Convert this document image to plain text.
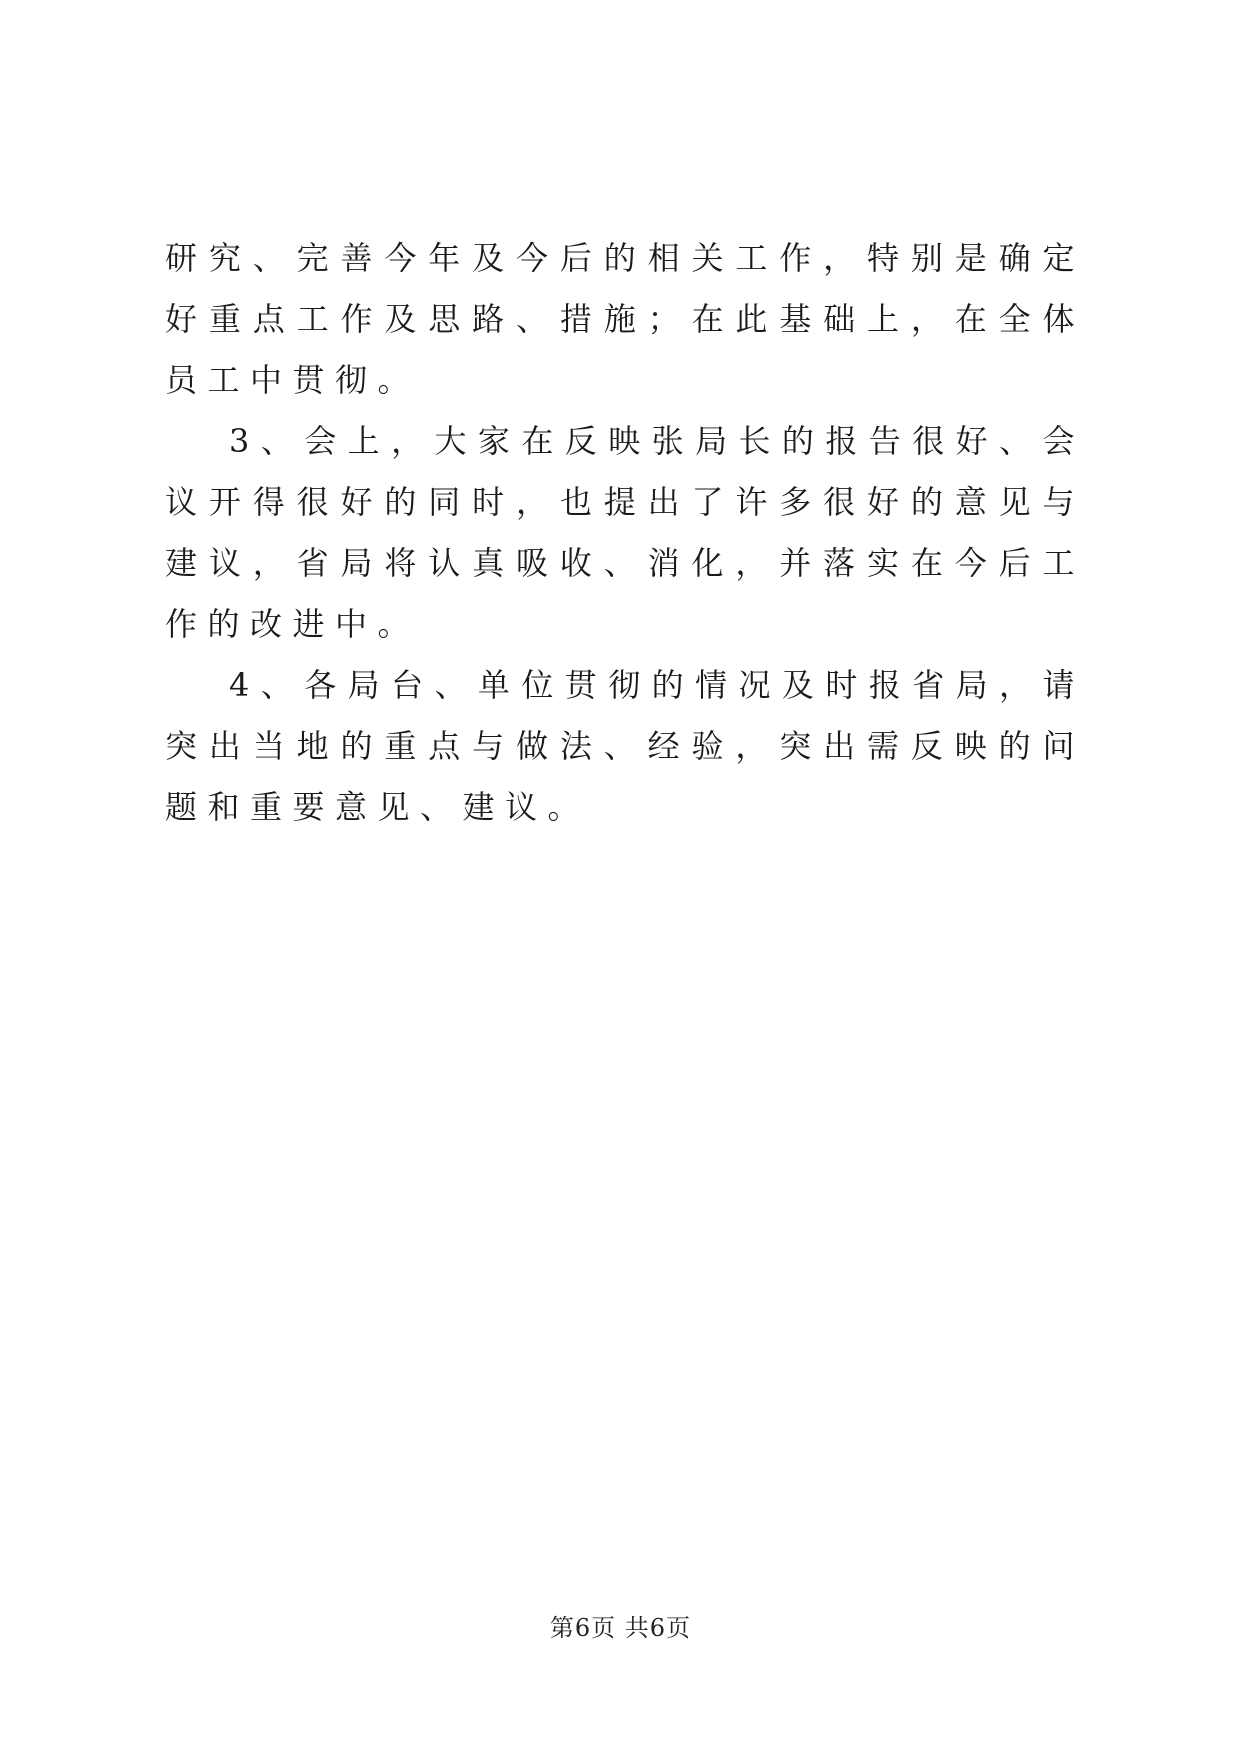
研究、完善今年及今后的相关工作，特别是确定好重点工作及思路、措施；在此基础上，在全体员工中贯彻。

3、会上，大家在反映张局长的报告很好、会议开得很好的同时，也提出了许多很好的意见与建议，省局将认真吸收、消化，并落实在今后工作的改进中。

4、各局台、单位贯彻的情况及时报省局，请突出当地的重点与做法、经验，突出需反映的问题和重要意见、建议。

第6页 共6页
